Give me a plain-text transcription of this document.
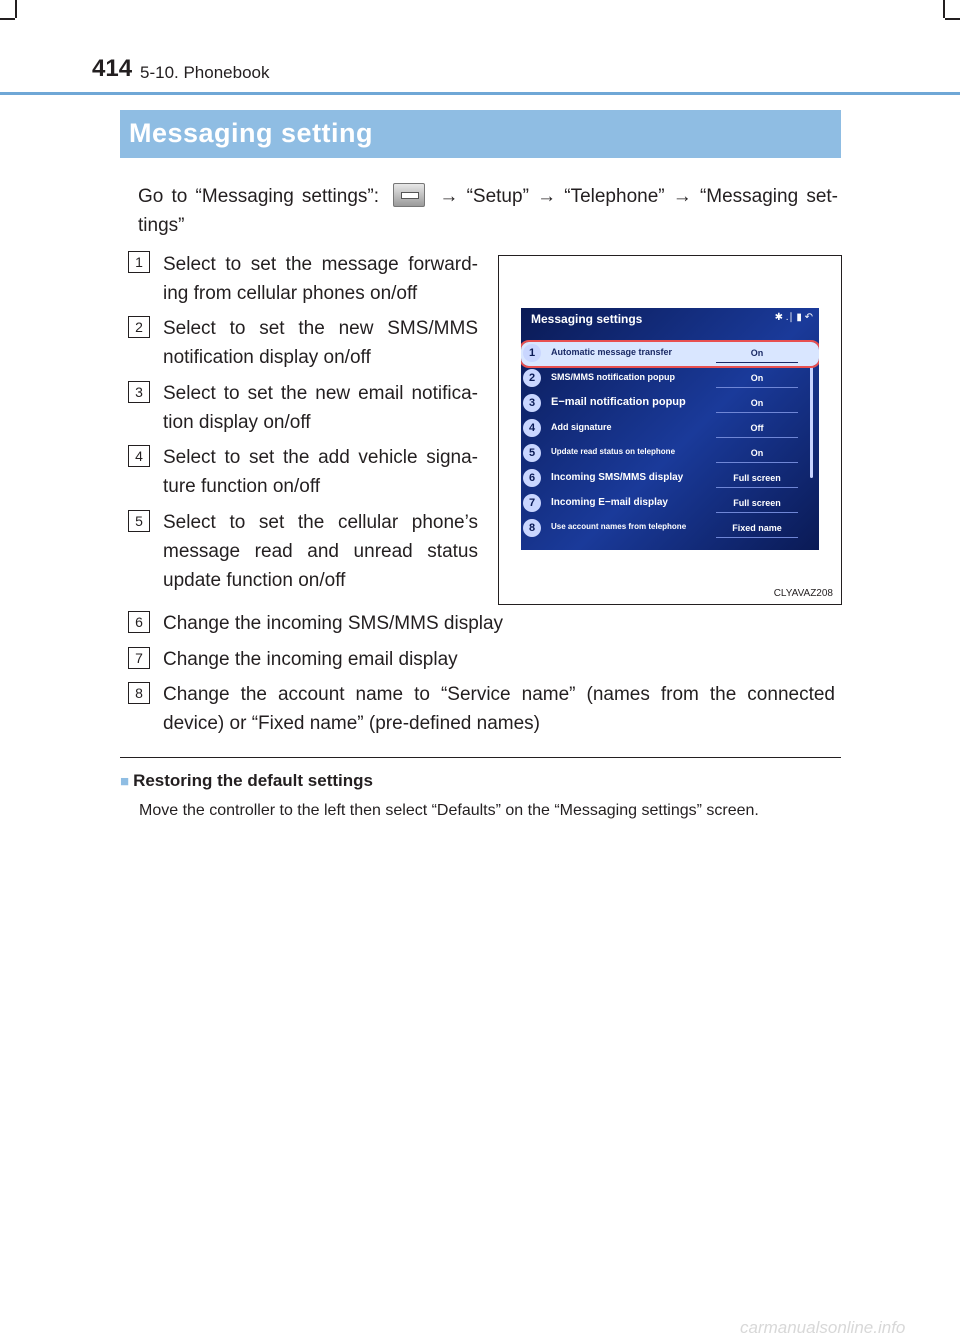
414 5-10. Phonebook
Messaging setting
Go to “Messaging settings”:	→ “Setup” → “Telephone” → “Messaging set-tings”
1	Select to set the message forward-ing from cellular phones on/off
2	Select to set the new SMS/MMS notification display on/off
3	Select to set the new email notifica-tion display on/off
4	Select to set the add vehicle signa-ture function on/off
5	Select to set the cellular phone’s message read and unread status update function on/off
6	Change the incoming SMS/MMS display
7	Change the incoming email display
8	Change the account name to “Service name” (names from the connected device) or “Fixed name” (pre-defined names)
Messaging settings	✱ .∣ ▮ ↶
1	Automatic message transfer	On
2	SMS/MMS notification popup	On
3	E−mail notification popup	On
4	Add signature	Off
5	Update read status on telephone	On
6	Incoming SMS/MMS display	Full screen
7	Incoming E−mail display	Full screen
8	Use account names from telephone	Fixed name
CLYAVAZ208
■ Restoring the default settings
Move the controller to the left then select “Defaults” on the “Messaging settings” screen.
carmanualsonline.info
